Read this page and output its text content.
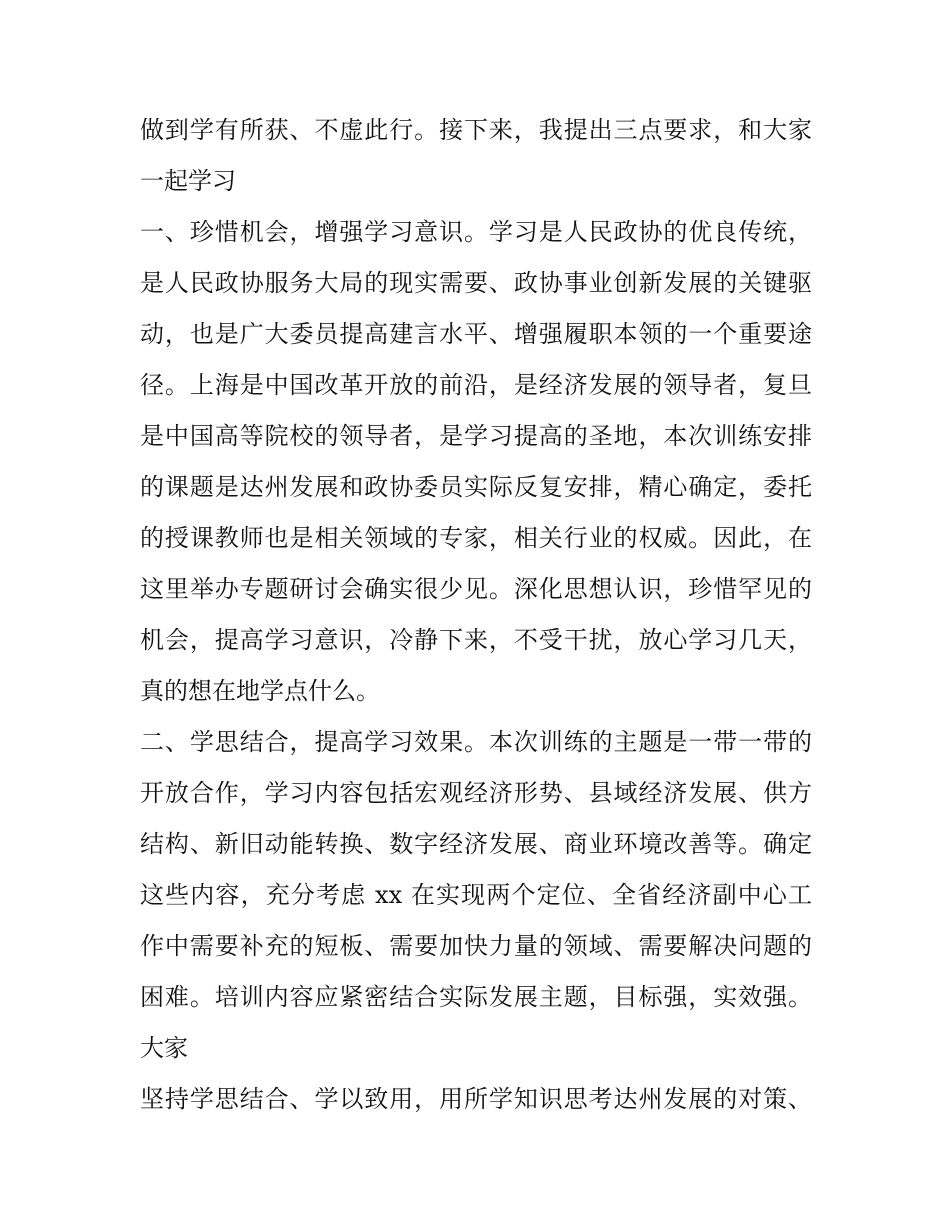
做到学有所获、不虚此行。接下来，我提出三点要求，和大家
一起学习
一、珍惜机会，增强学习意识。学习是人民政协的优良传统，
是人民政协服务大局的现实需要、政协事业创新发展的关键驱
动，也是广大委员提高建言水平、增强履职本领的一个重要途
径。上海是中国改革开放的前沿，是经济发展的领导者，复旦
是中国高等院校的领导者，是学习提高的圣地，本次训练安排
的课题是达州发展和政协委员实际反复安排，精心确定，委托
的授课教师也是相关领域的专家，相关行业的权威。因此，在
这里举办专题研讨会确实很少见。深化思想认识，珍惜罕见的
机会，提高学习意识，冷静下来，不受干扰，放心学习几天，
真的想在地学点什么。
二、学思结合，提高学习效果。本次训练的主题是一带一带的
开放合作，学习内容包括宏观经济形势、县域经济发展、供方
结构、新旧动能转换、数字经济发展、商业环境改善等。确定
这些内容，充分考虑 xx 在实现两个定位、全省经济副中心工
作中需要补充的短板、需要加快力量的领域、需要解决问题的
困难。培训内容应紧密结合实际发展主题，目标强，实效强。
大家
坚持学思结合、学以致用，用所学知识思考达州发展的对策、
